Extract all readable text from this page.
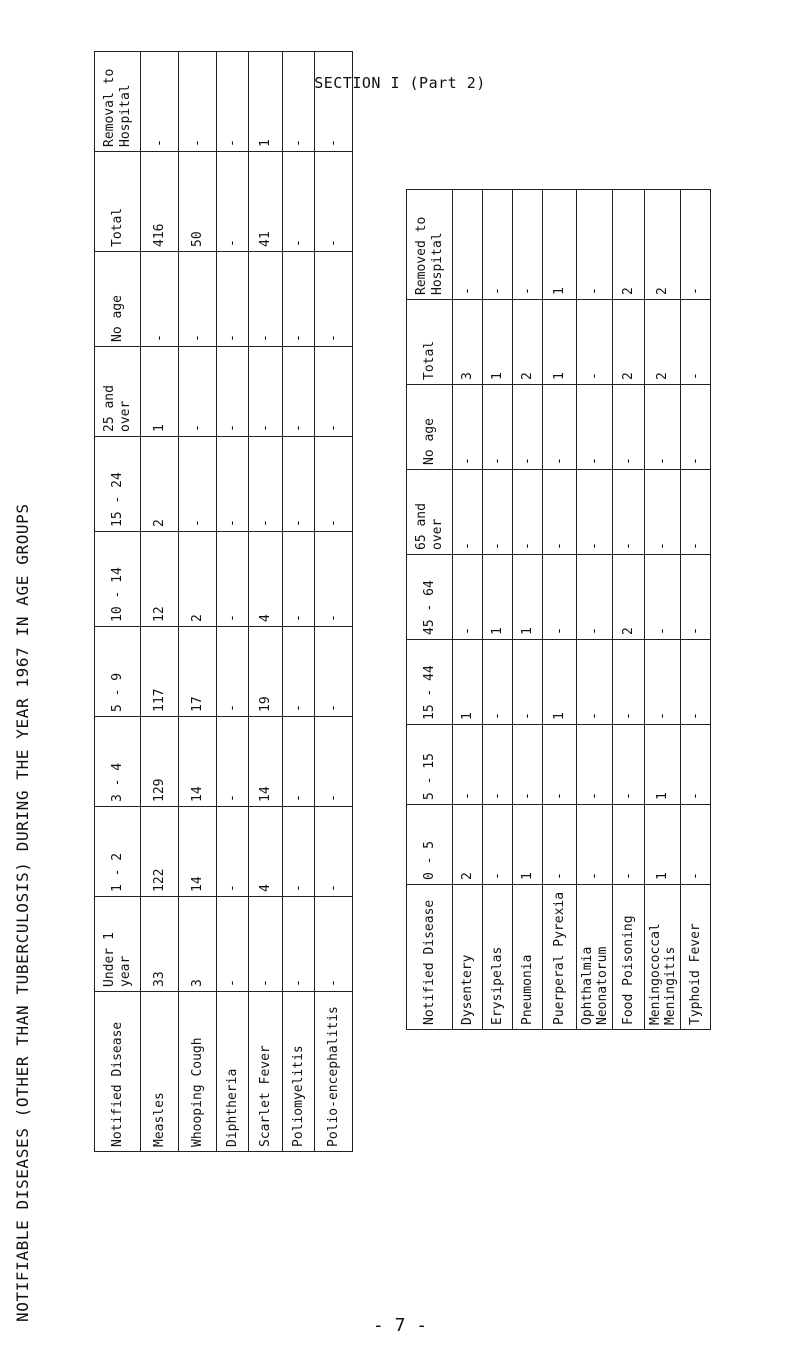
SECTION I (Part 2)
NOTIFIABLE DISEASES (OTHER THAN TUBERCULOSIS) DURING THE YEAR 1967 IN AGE GROUPS	Notified Disease	Under 1 year	1 - 2	3 - 4	5 - 9	10 - 14	15 - 24	25 and over	No age	Total	Removal to Hospital
Measles	33	122	129	117	12	2	1	-	416	-
Whooping Cough	3	14	14	17	2	-	-	-	50	-
Diphtheria	-	-	-	-	-	-	-	-	-	-
Scarlet Fever	-	4	14	19	4	-	-	-	41	1
Poliomyelitis	-	-	-	-	-	-	-	-	-	-
Polio-encephalitis	-	-	-	-	-	-	-	-	-	-
Notified Disease	0 - 5	5 - 15	15 - 44	45 - 64	65 and over	No age	Total	Removed to Hospital
Dysentery	2	-	1	-	-	-	3	-
Erysipelas	-	-	-	1	-	-	1	-
Pneumonia	1	-	-	1	-	-	2	-
Puerperal Pyrexia	-	-	1	-	-	-	1	1
Ophthalmia Neonatorum	-	-	-	-	-	-	-	-
Food Poisoning	-	-	-	2	-	-	2	2
Meningococcal Meningitis	1	1	-	-	-	-	2	2
Typhoid Fever	-	-	-	-	-	-	-	-
- 7 -
